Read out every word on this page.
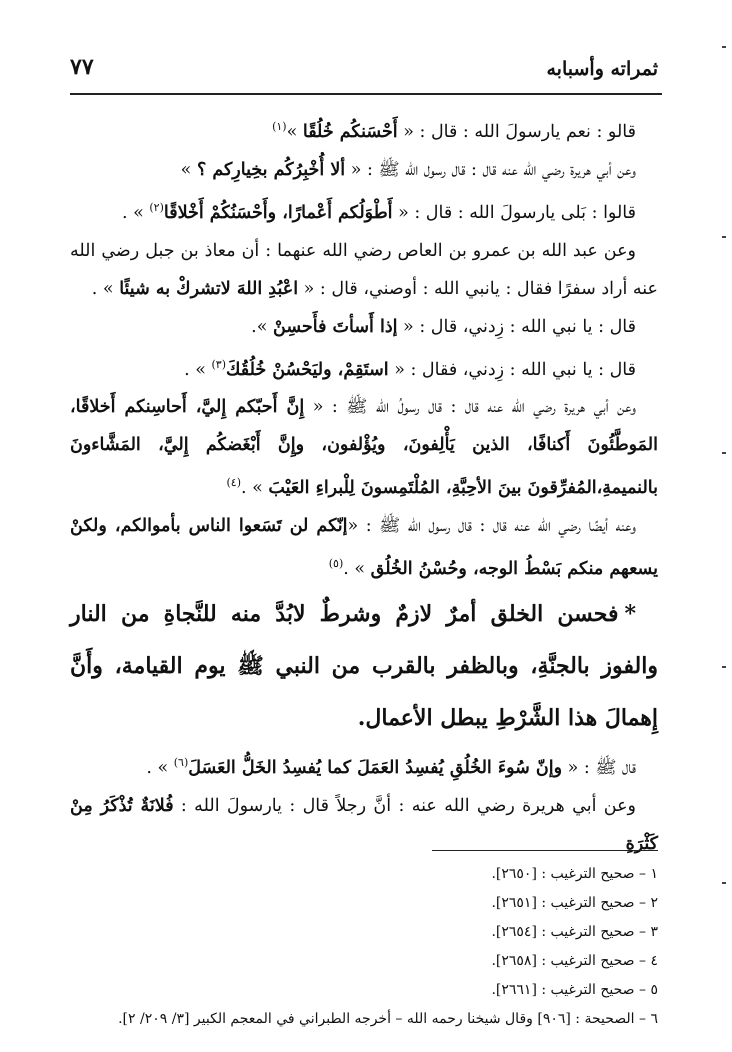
ثمراته وأسبابه
٧٧

قالو : نعم يارسولَ الله : قال : « أَحْسَنكُم خُلُقًا »$^{(١)}$

وعن أبي هريرة رضي الله عنه قال : قال رسول الله ﷺ : « ألا أُخْبِرُكُم بخِيارِكم ؟ »

قالوا : بَلى يارسولَ الله : قال : « أَطْوَلُكم أَعْمارًا، وأَحْسَنُكُمْ أَخْلاقًا$^{(٢)}$ » .

وعن عبد الله بن عمرو بن العاص رضي الله عنهما : أن معاذ بن جبل رضي الله عنه أراد سفرًا فقال : يانبي الله : أوصني، قال : « اعْبُدِ اللهَ لاتشركْ به شيئًا » .

قال : يا نبي الله : زِدني، قال : « إذا أَسأتَ فأَحسِنْ ».

قال : يا نبي الله : زِدني، فقال : « استَقِمْ، وليَحْسُنْ خُلُقُكَ$^{(٣)}$ » .

وعن أبي هريرة رضي الله عنه قال : قال رسولُ الله ﷺ : « إِنَّ أَحبّكم إِليَّ، أَحاسِنكم أَخلاقًا، المَوطَّئُونَ أَكنافًا، الذين يَأْلِفونَ، ويُؤْلفون، وإِنَّ أَبْغَضكُم إِليَّ، المَشَّاءونَ بالنميمةِ،المُفرِّقونَ بينَ الأحِبَّةِ، المُلْتَمِسونَ لِلْبراءِ العَيْبَ » .$^{(٤)}$

وعنه أيضًا رضي الله عنه قال : قال رسول الله ﷺ : «إنّكم لن تَسَعوا الناس بأموالكم، ولكنْ يسعهم منكم بَسْطُ الوجه، وحُسْنُ الخُلُق » .$^{(٥)}$

*فحسن الخلق أمرٌ لازمٌ وشرطٌ لابُدَّ منه للنَّجاةِ من النار والفوز بالجنَّةِ، وبالظفر بالقرب من النبي ﷺ يوم القيامة، وأَنَّ إِهمالَ هذا الشَّرْطِ يبطل الأعمال.

قال ﷺ : « وإنّ سُوءَ الخُلُقِ يُفسِدُ العَمَلَ كما يُفسِدُ الخَلُّ العَسَلَ$^{(٦)}$ » .

وعن أبي هريرة رضي الله عنه : أنَّ رجلاً قال : يارسولَ الله : فُلانَةٌ تُذْكَرُ مِنْ كَثْرَةِ

١ – صحيح الترغيب : [٢٦٥٠].
٢ – صحيح الترغيب : [٢٦٥١].
٣ – صحيح الترغيب : [٢٦٥٤].
٤ – صحيح الترغيب : [٢٦٥٨].
٥ – صحيح الترغيب : [٢٦٦١].
٦ – الصحيحة : [٩٠٦] وقال شيخنا رحمه الله – أخرجه الطبراني في المعجم الكبير [٣/ ٢٠٩/ ٢].
